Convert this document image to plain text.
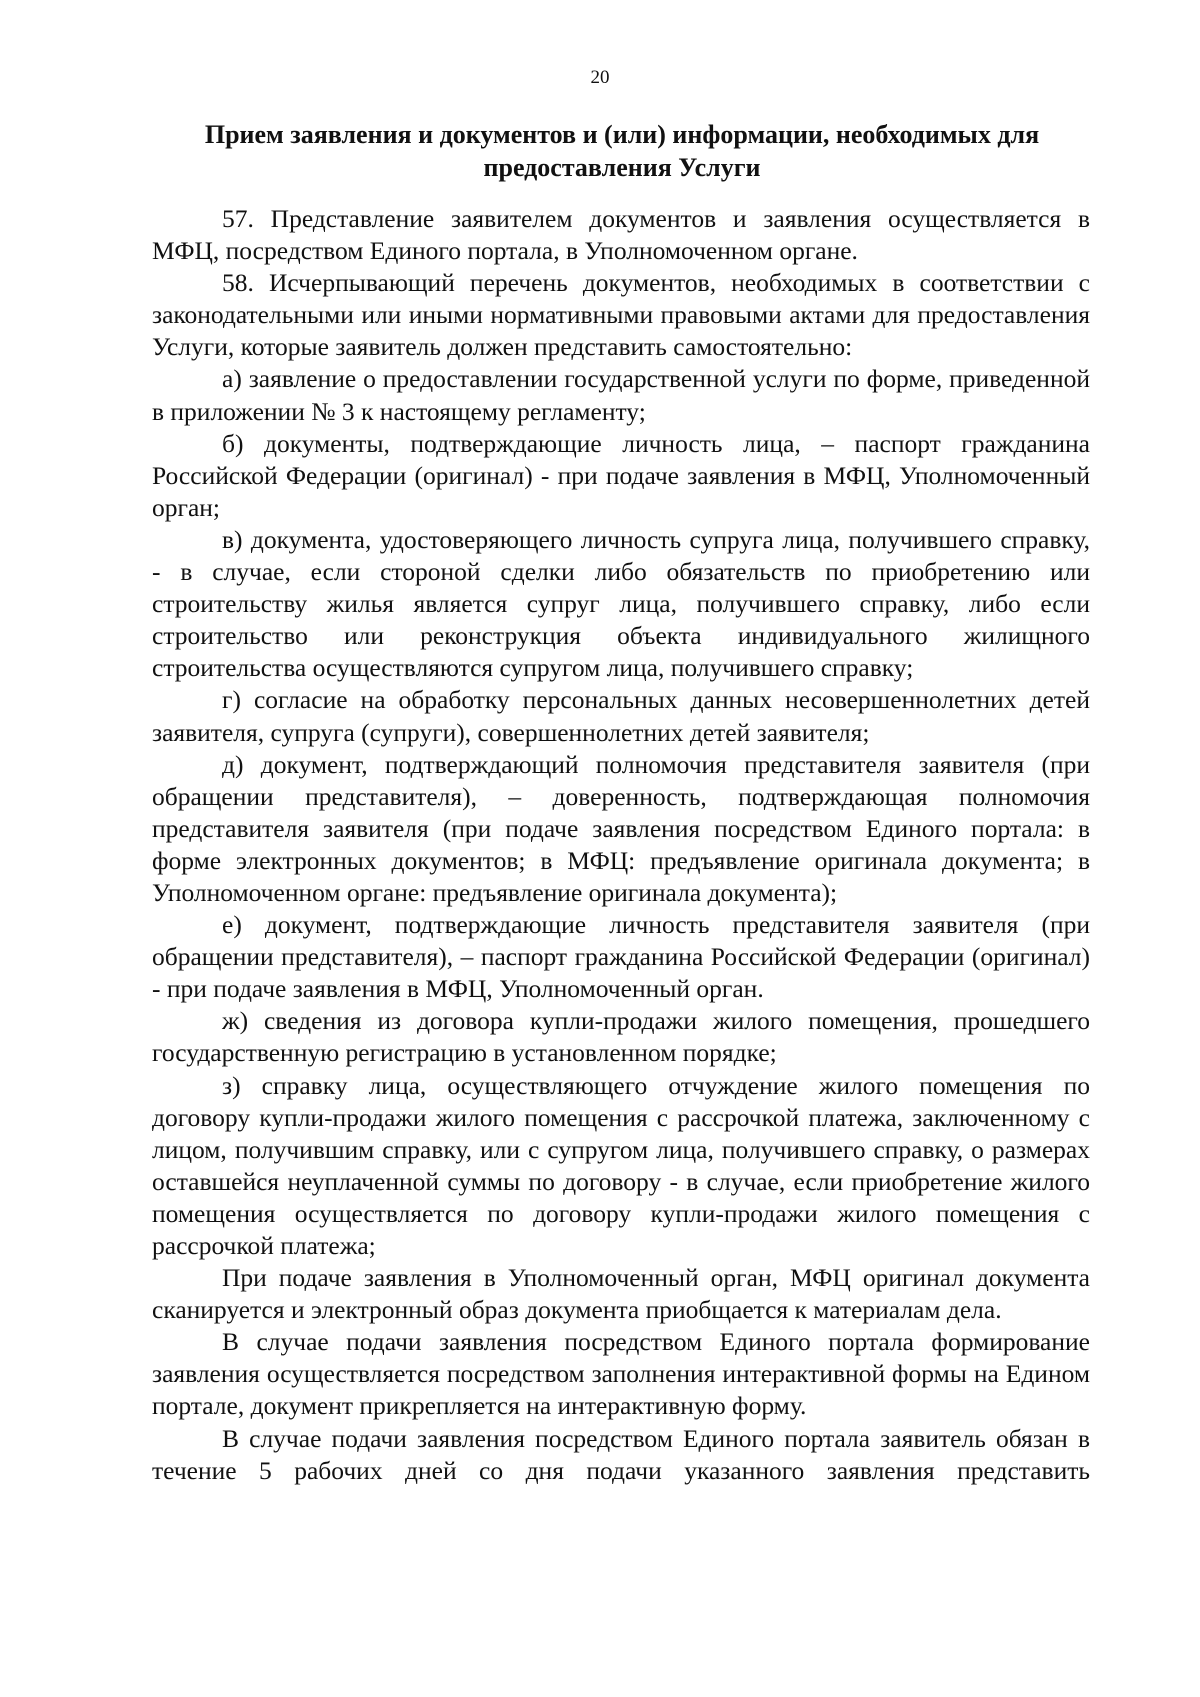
20
Прием заявления и документов и (или) информации, необходимых для
предоставления Услуги

57. Представление заявителем документов и заявления осуществляется в МФЦ, посредством Единого портала, в Уполномоченном органе.

58. Исчерпывающий перечень документов, необходимых в соответствии с законодательными или иными нормативными правовыми актами для предоставления Услуги, которые заявитель должен представить самостоятельно:

а) заявление о предоставлении государственной услуги по форме, приведенной в приложении № 3 к настоящему регламенту;

б) документы, подтверждающие личность лица, – паспорт гражданина Российской Федерации (оригинал) - при подаче заявления в МФЦ, Уполномоченный орган;

в) документа, удостоверяющего личность супруга лица, получившего справку, - в случае, если стороной сделки либо обязательств по приобретению или строительству жилья является супруг лица, получившего справку, либо если строительство или реконструкция объекта индивидуального жилищного строительства осуществляются супругом лица, получившего справку;

г) согласие на обработку персональных данных несовершеннолетних детей заявителя, супруга (супруги), совершеннолетних детей заявителя;

д) документ, подтверждающий полномочия представителя заявителя (при обращении представителя), – доверенность, подтверждающая полномочия представителя заявителя (при подаче заявления посредством Единого портала: в форме электронных документов; в МФЦ: предъявление оригинала документа; в Уполномоченном органе: предъявление оригинала документа);

е) документ, подтверждающие личность представителя заявителя (при обращении представителя), – паспорт гражданина Российской Федерации (оригинал) - при подаче заявления в МФЦ, Уполномоченный орган.

ж) сведения из договора купли-продажи жилого помещения, прошедшего государственную регистрацию в установленном порядке;

з) справку лица, осуществляющего отчуждение жилого помещения по договору купли-продажи жилого помещения с рассрочкой платежа, заключенному с лицом, получившим справку, или с супругом лица, получившего справку, о размерах оставшейся неуплаченной суммы по договору - в случае, если приобретение жилого помещения осуществляется по договору купли-продажи жилого помещения с рассрочкой платежа;

При подаче заявления в Уполномоченный орган, МФЦ оригинал документа сканируется и электронный образ документа приобщается к материалам дела.

В случае подачи заявления посредством Единого портала формирование заявления осуществляется посредством заполнения интерактивной формы на Едином портале, документ прикрепляется на интерактивную форму.

В случае подачи заявления посредством Единого портала заявитель обязан в течение 5 рабочих дней со дня подачи указанного заявления представить
